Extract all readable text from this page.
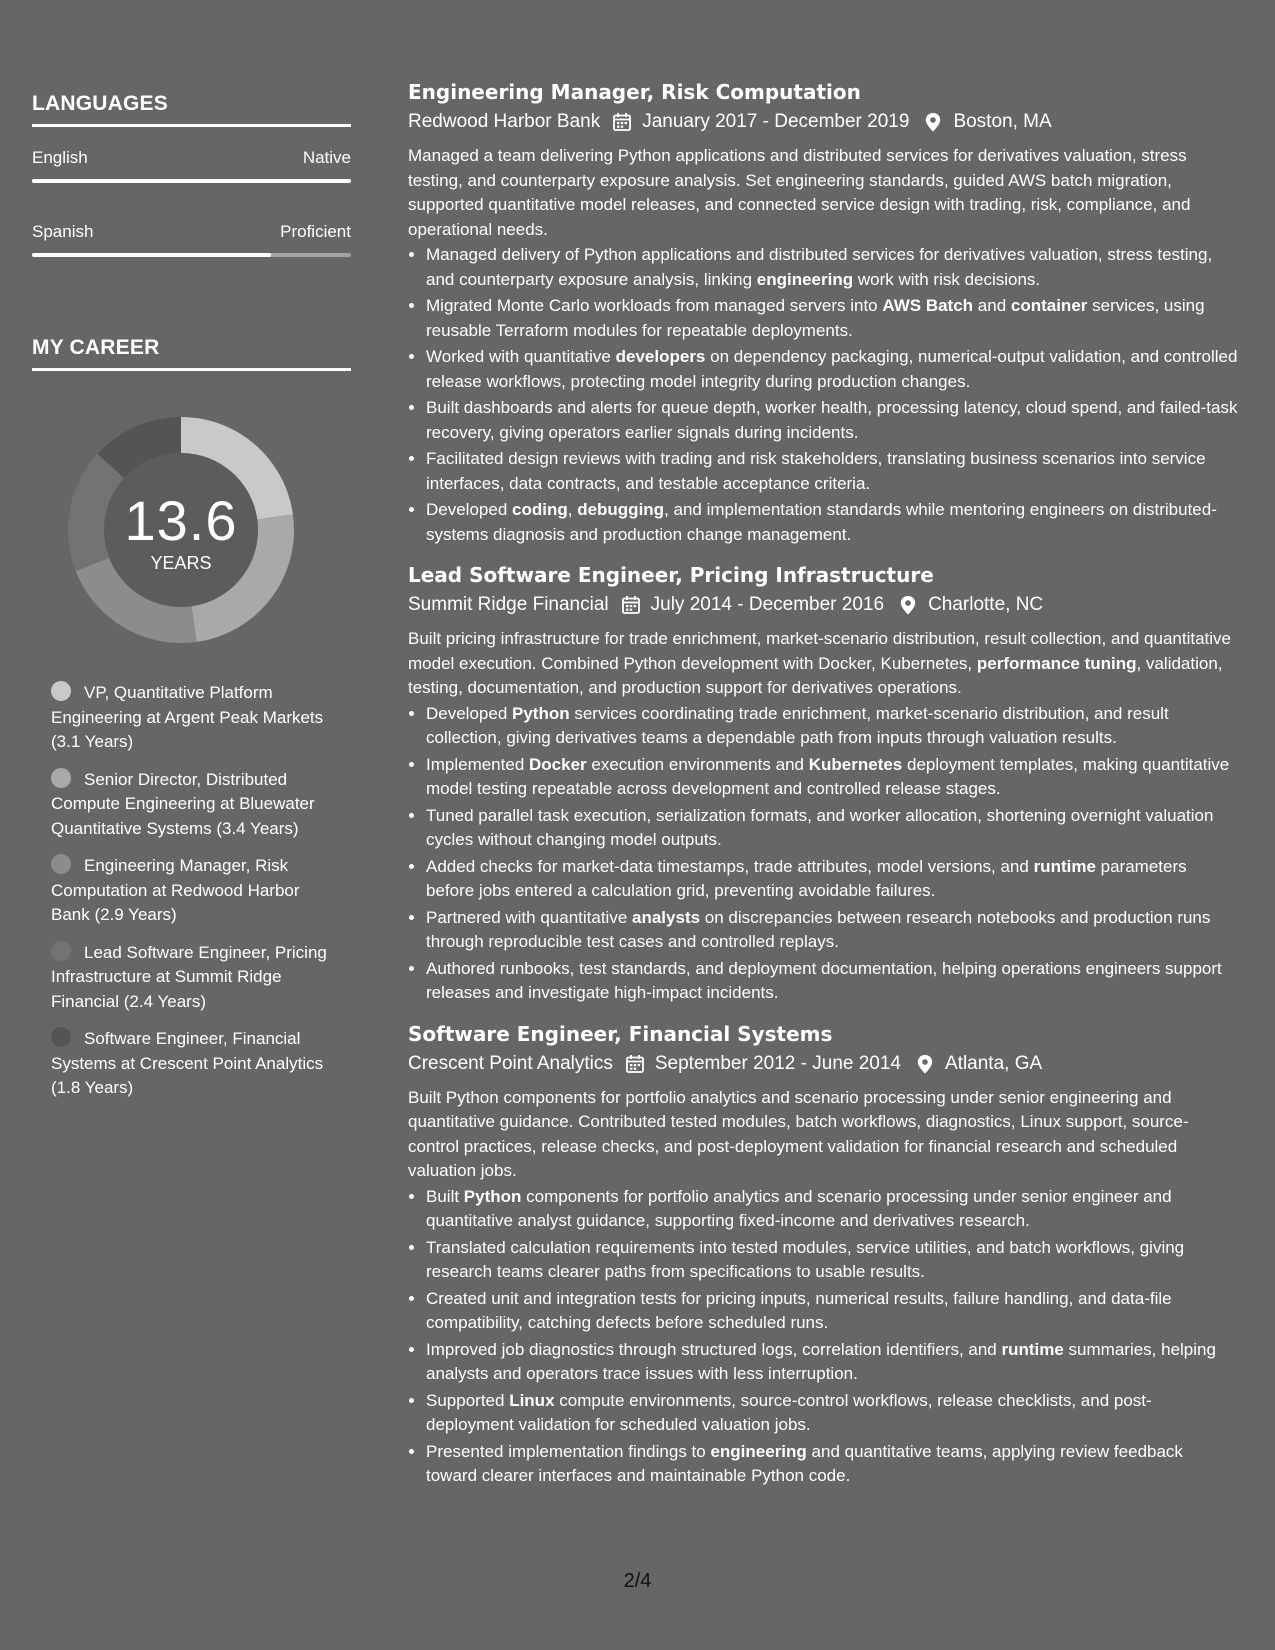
LANGUAGES
English	Native
Spanish	Proficient
MY CAREER
13.6
YEARS
VP, Quantitative Platform Engineering at Argent Peak Markets (3.1 Years)
Senior Director, Distributed Compute Engineering at Bluewater Quantitative Systems (3.4 Years)
Engineering Manager, Risk Computation at Redwood Harbor Bank (2.9 Years)
Lead Software Engineer, Pricing Infrastructure at Summit Ridge Financial (2.4 Years)
Software Engineer, Financial Systems at Crescent Point Analytics (1.8 Years)
Engineering Manager, Risk Computation
Redwood Harbor Bank January 2017 - December 2019 Boston, MA
Managed a team delivering Python applications and distributed services for derivatives valuation, stress testing, and counterparty exposure analysis. Set engineering standards, guided AWS batch migration, supported quantitative model releases, and connected service design with trading, risk, compliance, and operational needs.
• Managed delivery of Python applications and distributed services for derivatives valuation, stress testing, and counterparty exposure analysis, linking engineering work with risk decisions.
• Migrated Monte Carlo workloads from managed servers into AWS Batch and container services, using reusable Terraform modules for repeatable deployments.
• Worked with quantitative developers on dependency packaging, numerical-output validation, and controlled release workflows, protecting model integrity during production changes.
• Built dashboards and alerts for queue depth, worker health, processing latency, cloud spend, and failed-task recovery, giving operators earlier signals during incidents.
• Facilitated design reviews with trading and risk stakeholders, translating business scenarios into service interfaces, data contracts, and testable acceptance criteria.
• Developed coding, debugging, and implementation standards while mentoring engineers on distributed-systems diagnosis and production change management.
Lead Software Engineer, Pricing Infrastructure
Summit Ridge Financial July 2014 - December 2016 Charlotte, NC
Built pricing infrastructure for trade enrichment, market-scenario distribution, result collection, and quantitative model execution. Combined Python development with Docker, Kubernetes, performance tuning, validation, testing, documentation, and production support for derivatives operations.
• Developed Python services coordinating trade enrichment, market-scenario distribution, and result collection, giving derivatives teams a dependable path from inputs through valuation results.
• Implemented Docker execution environments and Kubernetes deployment templates, making quantitative model testing repeatable across development and controlled release stages.
• Tuned parallel task execution, serialization formats, and worker allocation, shortening overnight valuation cycles without changing model outputs.
• Added checks for market-data timestamps, trade attributes, model versions, and runtime parameters before jobs entered a calculation grid, preventing avoidable failures.
• Partnered with quantitative analysts on discrepancies between research notebooks and production runs through reproducible test cases and controlled replays.
• Authored runbooks, test standards, and deployment documentation, helping operations engineers support releases and investigate high-impact incidents.
Software Engineer, Financial Systems
Crescent Point Analytics September 2012 - June 2014 Atlanta, GA
Built Python components for portfolio analytics and scenario processing under senior engineering and quantitative guidance. Contributed tested modules, batch workflows, diagnostics, Linux support, source-control practices, release checks, and post-deployment validation for financial research and scheduled valuation jobs.
• Built Python components for portfolio analytics and scenario processing under senior engineer and quantitative analyst guidance, supporting fixed-income and derivatives research.
• Translated calculation requirements into tested modules, service utilities, and batch workflows, giving research teams clearer paths from specifications to usable results.
• Created unit and integration tests for pricing inputs, numerical results, failure handling, and data-file compatibility, catching defects before scheduled runs.
• Improved job diagnostics through structured logs, correlation identifiers, and runtime summaries, helping analysts and operators trace issues with less interruption.
• Supported Linux compute environments, source-control workflows, release checklists, and post-deployment validation for scheduled valuation jobs.
• Presented implementation findings to engineering and quantitative teams, applying review feedback toward clearer interfaces and maintainable Python code.
2/4
